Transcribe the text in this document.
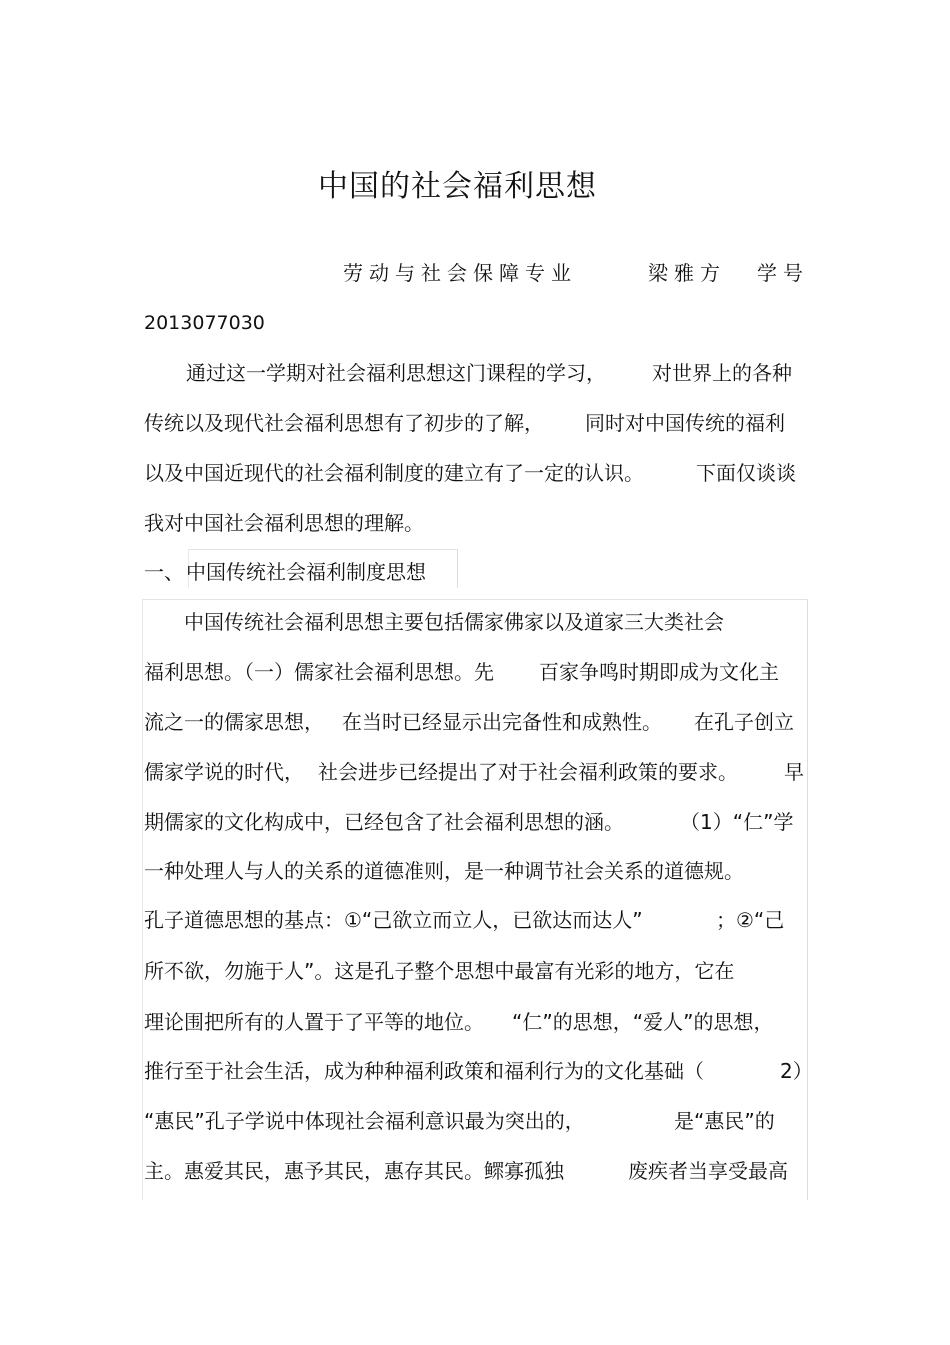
中国的社会福利思想
劳动与社会保障专业	梁雅方 学号
2013077030
通过这一学期对社会福利思想这门课程的学习， 对世界上的各种
传统以及现代社会福利思想有了初步的了解， 同时对中国传统的福利
以及中国近现代的社会福利制度的建立有了一定的认识。	下面仅谈谈
我对中国社会福利思想的理解。
一、 中国传统社会福利制度思想
中国传统社会福利思想主要包括儒家佛家以及道家三大类社会
福利思想。（一）儒家社会福利思想。先 百家争鸣时期即成为文化主
流之一的儒家思想， 在当时已经显示出完备性和成熟性。 在孔子创立
儒家学说的时代， 社会进步已经提出了对于社会福利政策的要求。 早
期儒家的文化构成中，已经包含了社会福利思想的涵。	（1）“仁”学
一种处理人与人的关系的道德准则，是一种调节社会关系的道德规。
孔子道德思想的基点：①“己欲立而立人，已欲达而达人”	；②“己
所不欲，勿施于人”。这是孔子整个思想中最富有光彩的地方，它在
理论围把所有的人置于了平等的地位。 “仁”的思想，“爱人”的思想，
推行至于社会生活，成为种种福利政策和福利行为的文化基础（	2）
“惠民”孔子学说中体现社会福利意识最为突出的，	是“惠民”的
主。惠爱其民，惠予其民，惠存其民。鳏寡孤独	废疾者当享受最高
